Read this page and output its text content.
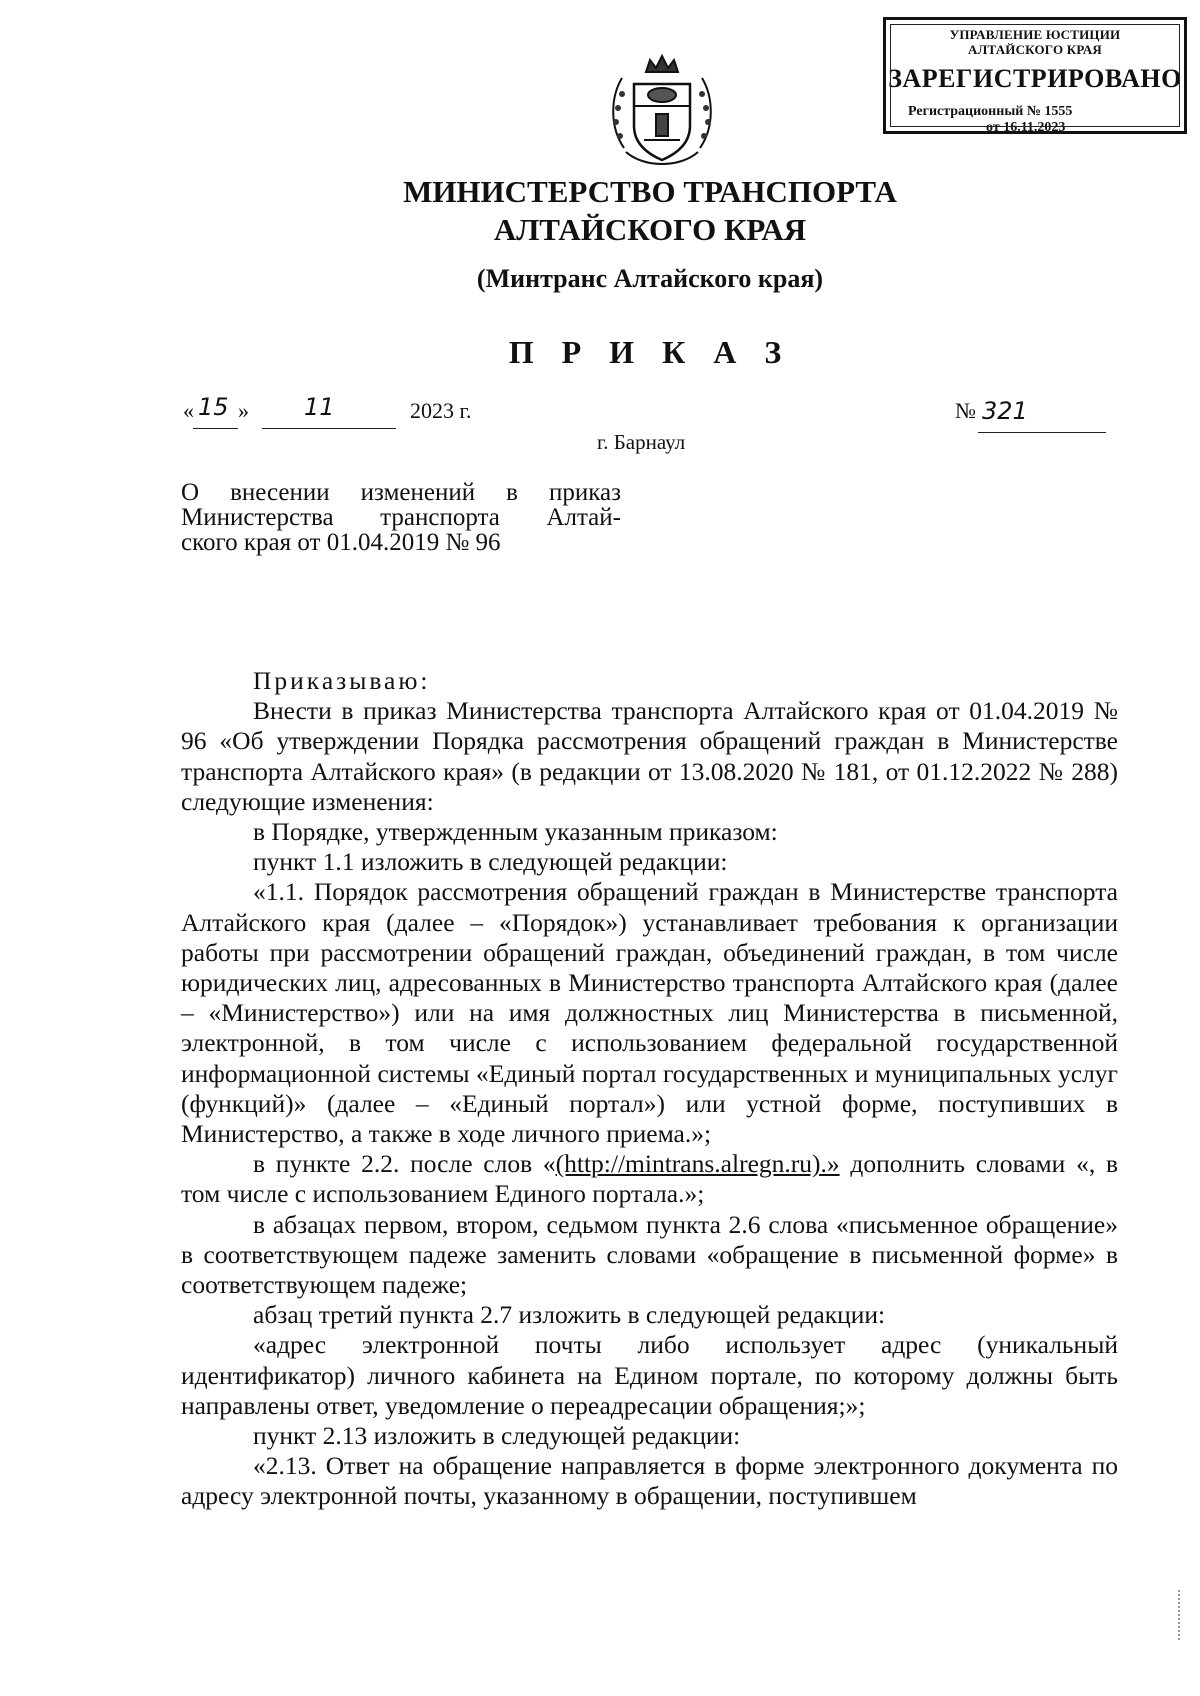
УПРАВЛЕНИЕ ЮСТИЦИИ
АЛТАЙСКОГО КРАЯ
ЗАРЕГИСТРИРОВАНО
Регистрационный № 1555
от 16.11.2023
МИНИСТЕРСТВО ТРАНСПОРТА
АЛТАЙСКОГО КРАЯ
(Минтранс Алтайского края)
П Р И К А З
« 15 » 11	2023 г.	№ 321
г. Барнаул
О внесении изменений в приказ
Министерства транспорта Алтай-
ского края от 01.04.2019 № 96

Приказываю:

Внести в приказ Министерства транспорта Алтайского края от 01.04.2019 № 96 «Об утверждении Порядка рассмотрения обращений граждан в Министерстве транспорта Алтайского края» (в редакции от 13.08.2020 № 181, от 01.12.2022 № 288) следующие изменения:

в Порядке, утвержденным указанным приказом:

пункт 1.1 изложить в следующей редакции:

«1.1. Порядок рассмотрения обращений граждан в Министерстве транспорта Алтайского края (далее – «Порядок») устанавливает требования к организации работы при рассмотрении обращений граждан, объединений граждан, в том числе юридических лиц, адресованных в Министерство транспорта Алтайского края (далее – «Министерство») или на имя должностных лиц Министерства в письменной, электронной, в том числе с использованием федеральной государственной информационной системы «Единый портал государственных и муниципальных услуг (функций)» (далее – «Единый портал») или устной форме, поступивших в Министерство, а также в ходе личного приема.»;

в пункте 2.2. после слов «(http://mintrans.alregn.ru).» дополнить словами «, в том числе с использованием Единого портала.»;

в абзацах первом, втором, седьмом пункта 2.6 слова «письменное обращение» в соответствующем падеже заменить словами «обращение в письменной форме» в соответствующем падеже;

абзац третий пункта 2.7 изложить в следующей редакции:

«адрес электронной почты либо использует адрес (уникальный идентификатор) личного кабинета на Едином портале, по которому должны быть направлены ответ, уведомление о переадресации обращения;»;

пункт 2.13 изложить в следующей редакции:

«2.13. Ответ на обращение направляется в форме электронного документа по адресу электронной почты, указанному в обращении, поступившем
